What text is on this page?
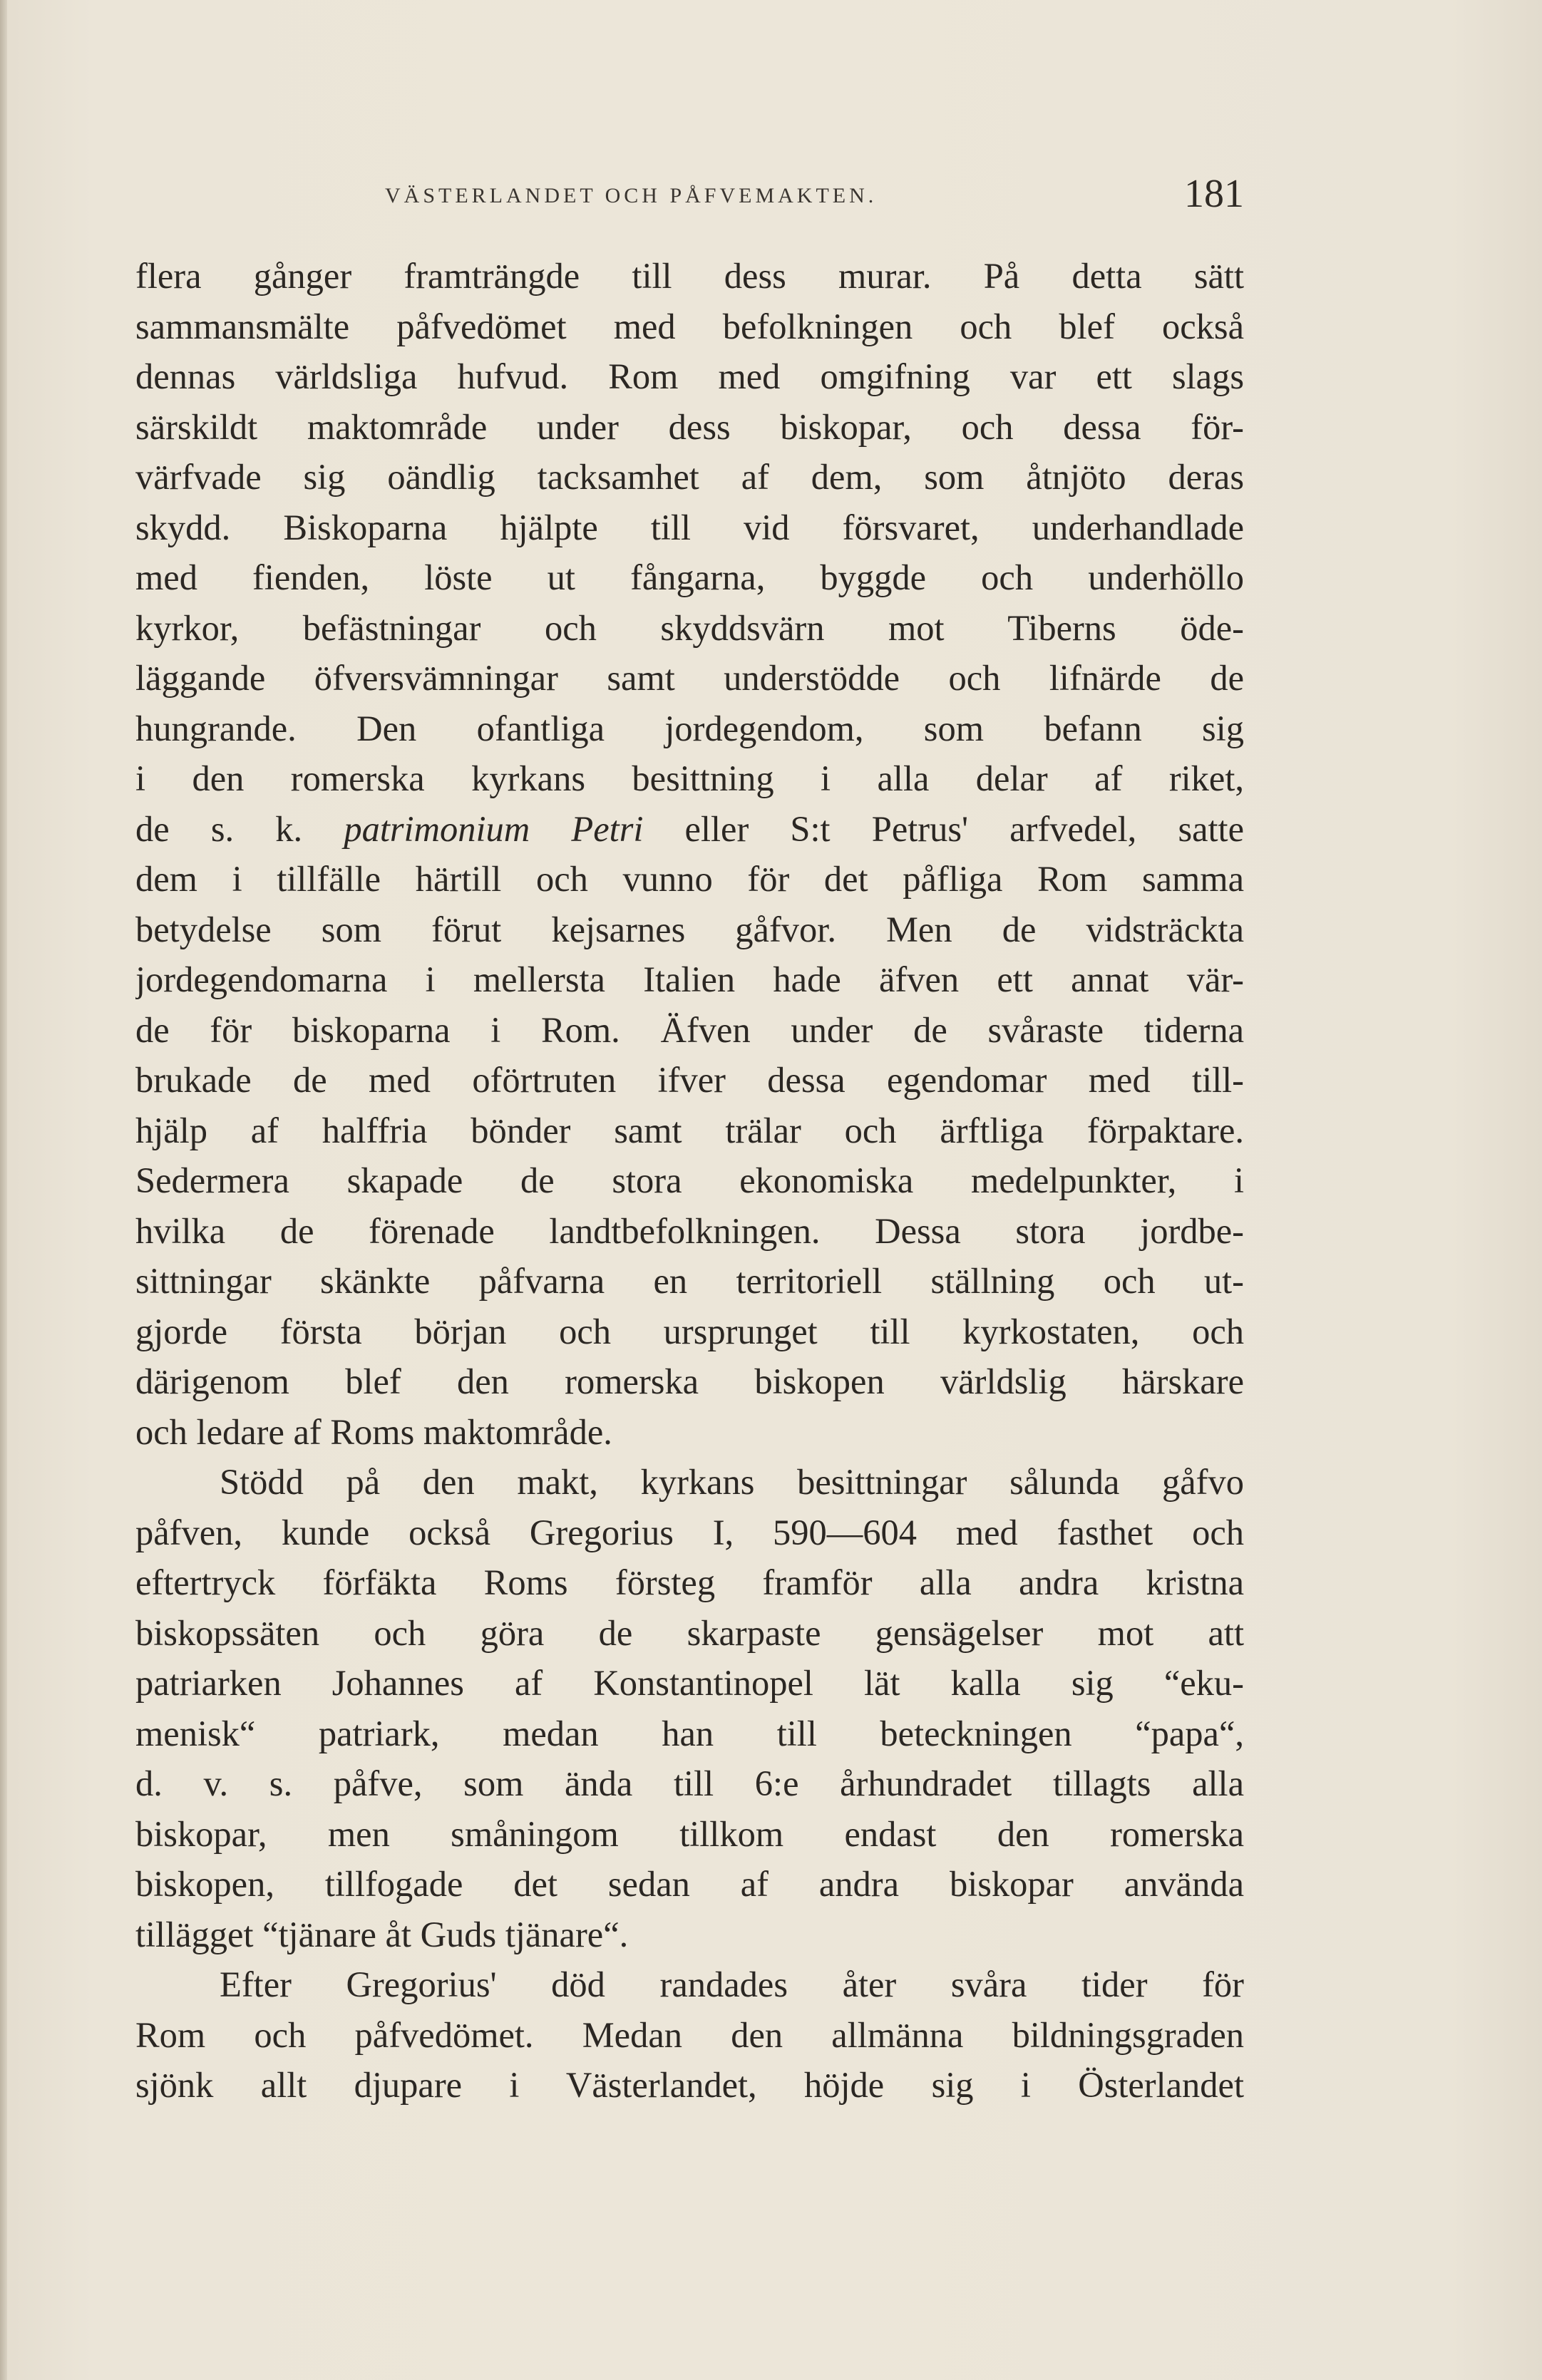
VÄSTERLANDET OCH PÅFVEMAKTEN.	181
flera gånger framträngde till dess murar. På detta sätt
sammansmälte påfvedömet med befolkningen och blef också
dennas världsliga hufvud. Rom med omgifning var ett slags
särskildt maktområde under dess biskopar, och dessa för-
värfvade sig oändlig tacksamhet af dem, som åtnjöto deras
skydd. Biskoparna hjälpte till vid försvaret, underhandlade
med fienden, löste ut fångarna, byggde och underhöllo
kyrkor, befästningar och skyddsvärn mot Tiberns öde-
läggande öfversvämningar samt understödde och lifnärde de
hungrande. Den ofantliga jordegendom, som befann sig
i den romerska kyrkans besittning i alla delar af riket,
de s. k. patrimonium Petri eller S:t Petrus' arfvedel, satte
dem i tillfälle härtill och vunno för det påfliga Rom samma
betydelse som förut kejsarnes gåfvor. Men de vidsträckta
jordegendomarna i mellersta Italien hade äfven ett annat vär-
de för biskoparna i Rom. Äfven under de svåraste tiderna
brukade de med oförtruten ifver dessa egendomar med till-
hjälp af halffria bönder samt trälar och ärftliga förpaktare.
Sedermera skapade de stora ekonomiska medelpunkter, i
hvilka de förenade landtbefolkningen. Dessa stora jordbe-
sittningar skänkte påfvarna en territoriell ställning och ut-
gjorde första början och ursprunget till kyrkostaten, och
därigenom blef den romerska biskopen världslig härskare
och ledare af Roms maktområde.
Stödd på den makt, kyrkans besittningar sålunda gåfvo
påfven, kunde också Gregorius I, 590—604 med fasthet och
eftertryck förfäkta Roms försteg framför alla andra kristna
biskopssäten och göra de skarpaste gensägelser mot att
patriarken Johannes af Konstantinopel lät kalla sig “eku-
menisk“ patriark, medan han till beteckningen “papa“,
d. v. s. påfve, som ända till 6:e århundradet tillagts alla
biskopar, men småningom tillkom endast den romerska
biskopen, tillfogade det sedan af andra biskopar använda
tillägget “tjänare åt Guds tjänare“.
Efter Gregorius' död randades åter svåra tider för
Rom och påfvedömet. Medan den allmänna bildningsgraden
sjönk allt djupare i Västerlandet, höjde sig i Österlandet
